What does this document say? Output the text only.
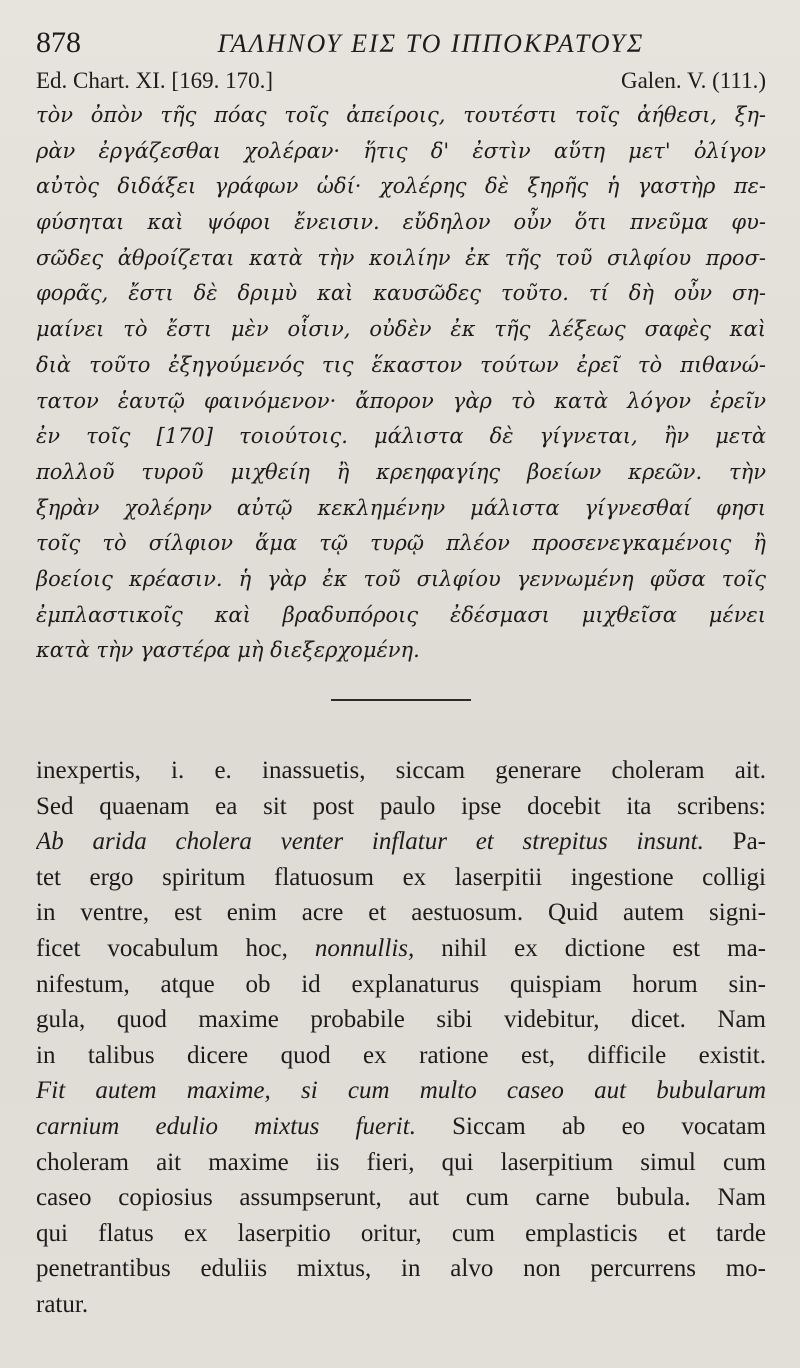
878	ΓΑΛΗΝΟΥ ΕΙΣ ΤΟ ΙΠΠΟΚΡΑΤΟΥΣ
Ed. Chart. XI. [169. 170.]	Galen. V. (111.)
τὸν ὀπὸν τῆς πόας τοῖς ἀπείροις, τουτέστι τοῖς ἀήθεσι, ξη-
ρὰν ἐργάζεσθαι χολέραν· ἥτις δ' ἐστὶν αὕτη μετ' ὀλίγον
αὐτὸς διδάξει γράφων ὡδί· χολέρης δὲ ξηρῆς ἡ γαστὴρ πε-
φύσηται καὶ ψόφοι ἔνεισιν. εὔδηλον οὖν ὅτι πνεῦμα φυ-
σῶδες ἀθροίζεται κατὰ τὴν κοιλίην ἐκ τῆς τοῦ σιλφίου προσ-
φορᾶς, ἔστι δὲ δριμὺ καὶ καυσῶδες τοῦτο. τί δὴ οὖν ση-
μαίνει τὸ ἔστι μὲν οἷσιν, οὐδὲν ἐκ τῆς λέξεως σαφὲς καὶ
διὰ τοῦτο ἐξηγούμενός τις ἕκαστον τούτων ἐρεῖ τὸ πιθανώ-
τατον ἑαυτῷ φαινόμενον· ἄπορον γὰρ τὸ κατὰ λόγον ἐρεῖν
ἐν τοῖς [170] τοιούτοις. μάλιστα δὲ γίγνεται, ἢν μετὰ
πολλοῦ τυροῦ μιχθείη ἢ κρεηφαγίης βοείων κρεῶν. τὴν
ξηρὰν χολέρην αὐτῷ κεκλημένην μάλιστα γίγνεσθαί φησι
τοῖς τὸ σίλφιον ἅμα τῷ τυρῷ πλέον προσενεγκαμένοις ἢ
βοείοις κρέασιν. ἡ γὰρ ἐκ τοῦ σιλφίου γεννωμένη φῦσα τοῖς
ἐμπλαστικοῖς καὶ βραδυπόροις ἐδέσμασι μιχθεῖσα μένει
κατὰ τὴν γαστέρα μὴ διεξερχομένη.
inexpertis, i. e. inassuetis, siccam generare choleram ait.
Sed quaenam ea sit post paulo ipse docebit ita scribens:
Ab arida cholera venter inflatur et strepitus insunt. Pa-
tet ergo spiritum flatuosum ex laserpitii ingestione colligi
in ventre, est enim acre et aestuosum. Quid autem signi-
ficet vocabulum hoc, nonnullis, nihil ex dictione est ma-
nifestum, atque ob id explanaturus quispiam horum sin-
gula, quod maxime probabile sibi videbitur, dicet. Nam
in talibus dicere quod ex ratione est, difficile existit.
Fit autem maxime, si cum multo caseo aut bubularum
carnium edulio mixtus fuerit. Siccam ab eo vocatam
choleram ait maxime iis fieri, qui laserpitium simul cum
caseo copiosius assumpserunt, aut cum carne bubula. Nam
qui flatus ex laserpitio oritur, cum emplasticis et tarde
penetrantibus eduliis mixtus, in alvo non percurrens mo-
ratur.
